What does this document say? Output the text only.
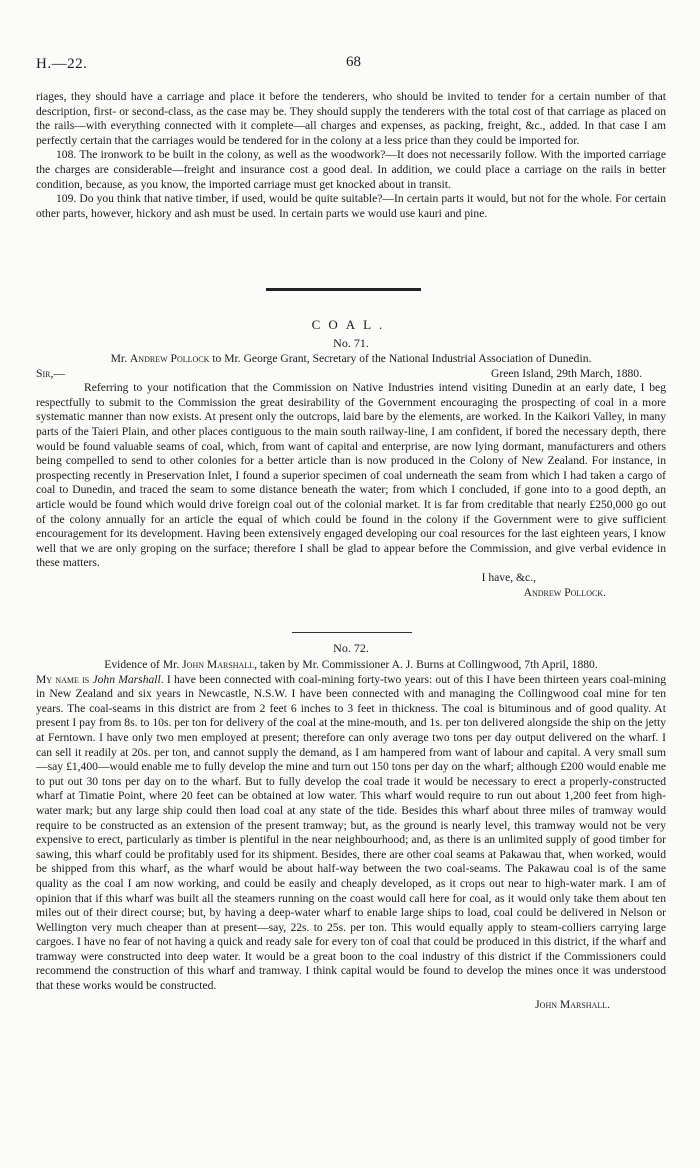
H.—22.	68

riages, they should have a carriage and place it before the tenderers, who should be invited to tender for a certain number of that description, first- or second-class, as the case may be. They should supply the tenderers with the total cost of that carriage as placed on the rails—with everything connected with it complete—all charges and expenses, as packing, freight, &c., added. In that case I am perfectly certain that the carriages would be tendered for in the colony at a less price than they could be imported for.

108. The ironwork to be built in the colony, as well as the woodwork?—It does not necessarily follow. With the imported carriage the charges are considerable—freight and insurance cost a good deal. In addition, we could place a carriage on the rails in better condition, because, as you know, the imported carriage must get knocked about in transit.

109. Do you think that native timber, if used, would be quite suitable?—In certain parts it would, but not for the whole. For certain other parts, however, hickory and ash must be used. In certain parts we would use kauri and pine.

COAL.
No. 71.

Mr. Andrew Pollock to Mr. George Grant, Secretary of the National Industrial Association of Dunedin.

Sir,—	Green Island, 29th March, 1880.

Referring to your notification that the Commission on Native Industries intend visiting Dunedin at an early date, I beg respectfully to submit to the Commission the great desirability of the Government encouraging the prospecting of coal in a more systematic manner than now exists. At present only the outcrops, laid bare by the elements, are worked. In the Kaikori Valley, in many parts of the Taieri Plain, and other places contiguous to the main south railway-line, I am confident, if bored the necessary depth, there would be found valuable seams of coal, which, from want of capital and enterprise, are now lying dormant, manufacturers and others being compelled to send to other colonies for a better article than is now produced in the Colony of New Zealand. For instance, in prospecting recently in Preservation Inlet, I found a superior specimen of coal underneath the seam from which I had taken a cargo of coal to Dunedin, and traced the seam to some distance beneath the water; from which I concluded, if gone into to a good depth, an article would be found which would drive foreign coal out of the colonial market. It is far from creditable that nearly £250,000 go out of the colony annually for an article the equal of which could be found in the colony if the Government were to give sufficient encouragement for its development. Having been extensively engaged developing our coal resources for the last eighteen years, I know well that we are only groping on the surface; therefore I shall be glad to appear before the Commission, and give verbal evidence in these matters.

I have, &c.,

Andrew Pollock.

No. 72.

Evidence of Mr. John Marshall, taken by Mr. Commissioner A. J. Burns at Collingwood, 7th April, 1880.

My name is John Marshall. I have been connected with coal-mining forty-two years: out of this I have been thirteen years coal-mining in New Zealand and six years in Newcastle, N.S.W. I have been connected with and managing the Collingwood coal mine for ten years. The coal-seams in this district are from 2 feet 6 inches to 3 feet in thickness. The coal is bituminous and of good quality. At present I pay from 8s. to 10s. per ton for delivery of the coal at the mine-mouth, and 1s. per ton delivered alongside the ship on the jetty at Ferntown. I have only two men employed at present; therefore can only average two tons per day output delivered on the wharf. I can sell it readily at 20s. per ton, and cannot supply the demand, as I am hampered from want of labour and capital. A very small sum—say £1,400—would enable me to fully develop the mine and turn out 150 tons per day on the wharf; although £200 would enable me to put out 30 tons per day on to the wharf. But to fully develop the coal trade it would be necessary to erect a properly-constructed wharf at Timatie Point, where 20 feet can be obtained at low water. This wharf would require to run out about 1,200 feet from high-water mark; but any large ship could then load coal at any state of the tide. Besides this wharf about three miles of tramway would require to be constructed as an extension of the present tramway; but, as the ground is nearly level, this tramway would not be very expensive to erect, particularly as timber is plentiful in the near neighbourhood; and, as there is an unlimited supply of good timber for sawing, this wharf could be profitably used for its shipment. Besides, there are other coal seams at Pakawau that, when worked, would be shipped from this wharf, as the wharf would be about half-way between the two coal-seams. The Pakawau coal is of the same quality as the coal I am now working, and could be easily and cheaply developed, as it crops out near to high-water mark. I am of opinion that if this wharf was built all the steamers running on the coast would call here for coal, as it would only take them about ten miles out of their direct course; but, by having a deep-water wharf to enable large ships to load, coal could be delivered in Nelson or Wellington very much cheaper than at present—say, 22s. to 25s. per ton. This would equally apply to steam-colliers carrying large cargoes. I have no fear of not having a quick and ready sale for every ton of coal that could be produced in this district, if the wharf and tramway were constructed into deep water. It would be a great boon to the coal industry of this district if the Commissioners could recommend the construction of this wharf and tramway. I think capital would be found to develop the mines once it was understood that these works would be constructed.

John Marshall.
